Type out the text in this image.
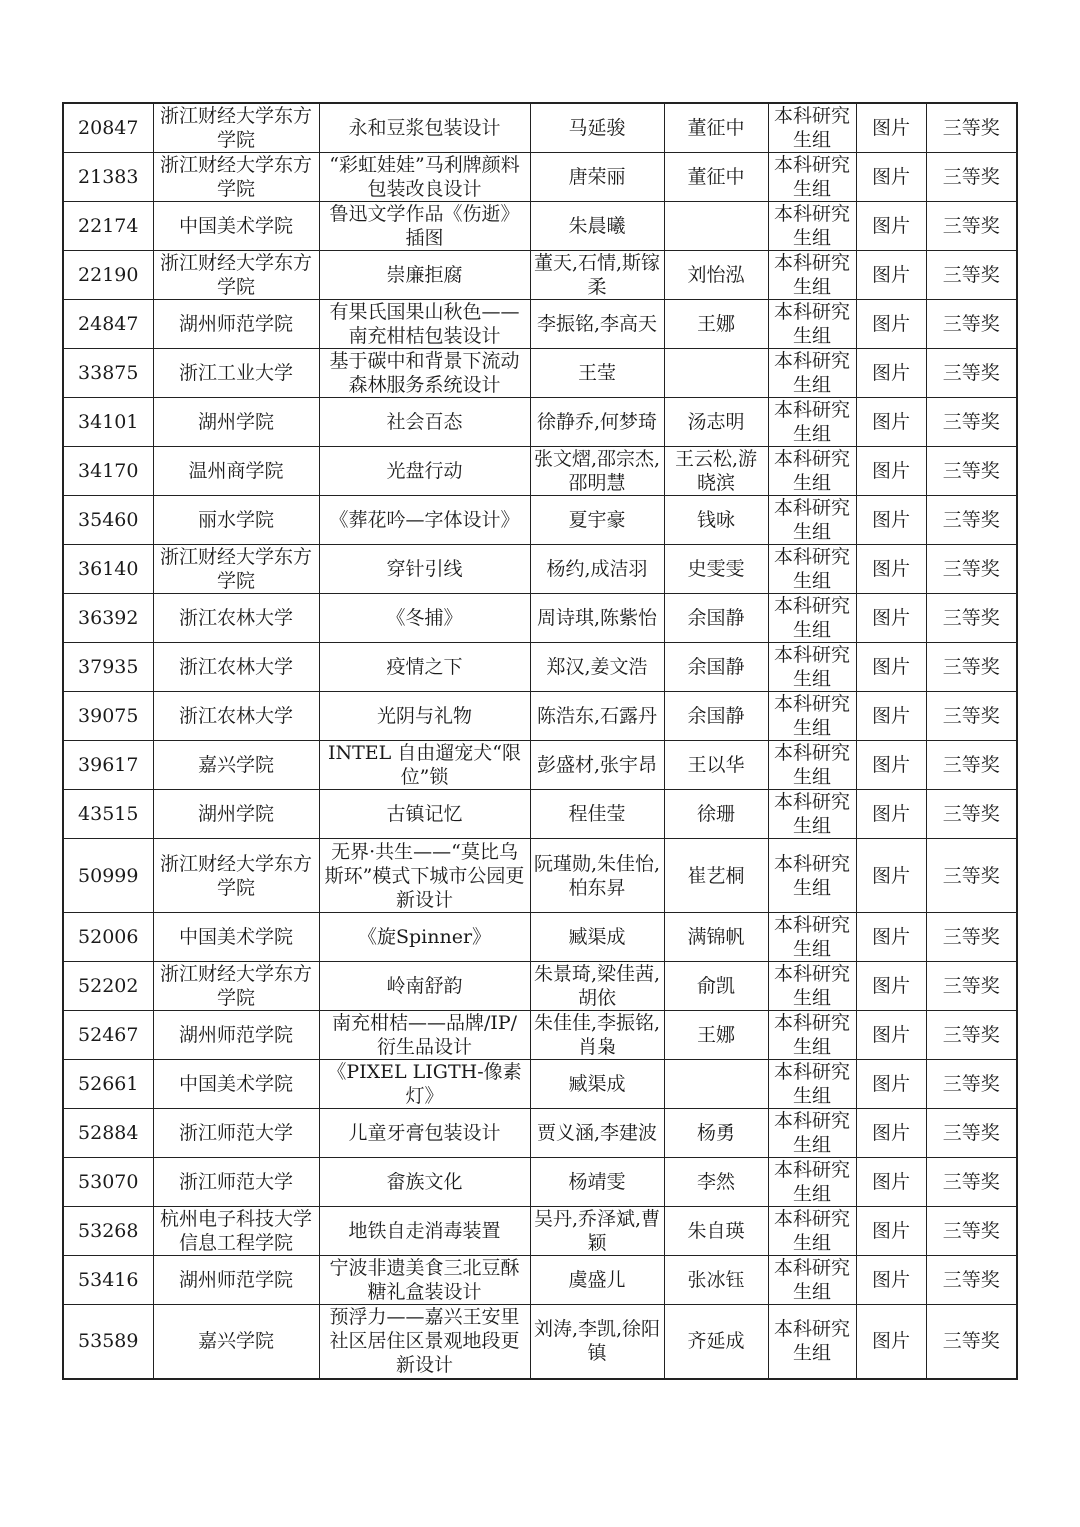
20847	浙江财经大学东方学院	永和豆浆包装设计	马延骏	董征中	本科研究生组	图片	三等奖
21383	浙江财经大学东方学院	“彩虹娃娃”马利牌颜料包装改良设计	唐荣丽	董征中	本科研究生组	图片	三等奖
22174	中国美术学院	鲁迅文学作品《伤逝》插图	朱晨曦		本科研究生组	图片	三等奖
22190	浙江财经大学东方学院	崇廉拒腐	董天,石情,斯镓柔	刘怡泓	本科研究生组	图片	三等奖
24847	湖州师范学院	有果氏国果山秋色——南充柑桔包装设计	李振铭,李高天	王娜	本科研究生组	图片	三等奖
33875	浙江工业大学	基于碳中和背景下流动森林服务系统设计	王莹		本科研究生组	图片	三等奖
34101	湖州学院	社会百态	徐静乔,何梦琦	汤志明	本科研究生组	图片	三等奖
34170	温州商学院	光盘行动	张文熠,邵宗杰,邵明慧	王云松,游晓滨	本科研究生组	图片	三等奖
35460	丽水学院	《葬花吟—字体设计》	夏宇豪	钱咏	本科研究生组	图片	三等奖
36140	浙江财经大学东方学院	穿针引线	杨约,成洁羽	史雯雯	本科研究生组	图片	三等奖
36392	浙江农林大学	《冬捕》	周诗琪,陈紫怡	余国静	本科研究生组	图片	三等奖
37935	浙江农林大学	疫情之下	郑汉,姜文浩	余国静	本科研究生组	图片	三等奖
39075	浙江农林大学	光阴与礼物	陈浩东,石露丹	余国静	本科研究生组	图片	三等奖
39617	嘉兴学院	INTEL 自由遛宠犬“限位”锁	彭盛材,张宇昂	王以华	本科研究生组	图片	三等奖
43515	湖州学院	古镇记忆	程佳莹	徐珊	本科研究生组	图片	三等奖
50999	浙江财经大学东方学院	无界·共生——“莫比乌斯环”模式下城市公园更新设计	阮瑾勋,朱佳怡,柏东昇	崔艺桐	本科研究生组	图片	三等奖
52006	中国美术学院	《旋Spinner》	臧渠成	满锦帆	本科研究生组	图片	三等奖
52202	浙江财经大学东方学院	岭南舒韵	朱景琦,梁佳茜,胡依	俞凯	本科研究生组	图片	三等奖
52467	湖州师范学院	南充柑桔——品牌/IP/衍生品设计	朱佳佳,李振铭,肖枭	王娜	本科研究生组	图片	三等奖
52661	中国美术学院	《PIXEL LIGTH-像素灯》	臧渠成		本科研究生组	图片	三等奖
52884	浙江师范大学	儿童牙膏包装设计	贾义涵,李建波	杨勇	本科研究生组	图片	三等奖
53070	浙江师范大学	畲族文化	杨靖雯	李然	本科研究生组	图片	三等奖
53268	杭州电子科技大学信息工程学院	地铁自走消毒装置	吴丹,乔泽斌,曹颖	朱自瑛	本科研究生组	图片	三等奖
53416	湖州师范学院	宁波非遗美食三北豆酥糖礼盒装设计	虞盛儿	张冰钰	本科研究生组	图片	三等奖
53589	嘉兴学院	预浮力——嘉兴王安里社区居住区景观地段更新设计	刘涛,李凯,徐阳镇	齐延成	本科研究生组	图片	三等奖
